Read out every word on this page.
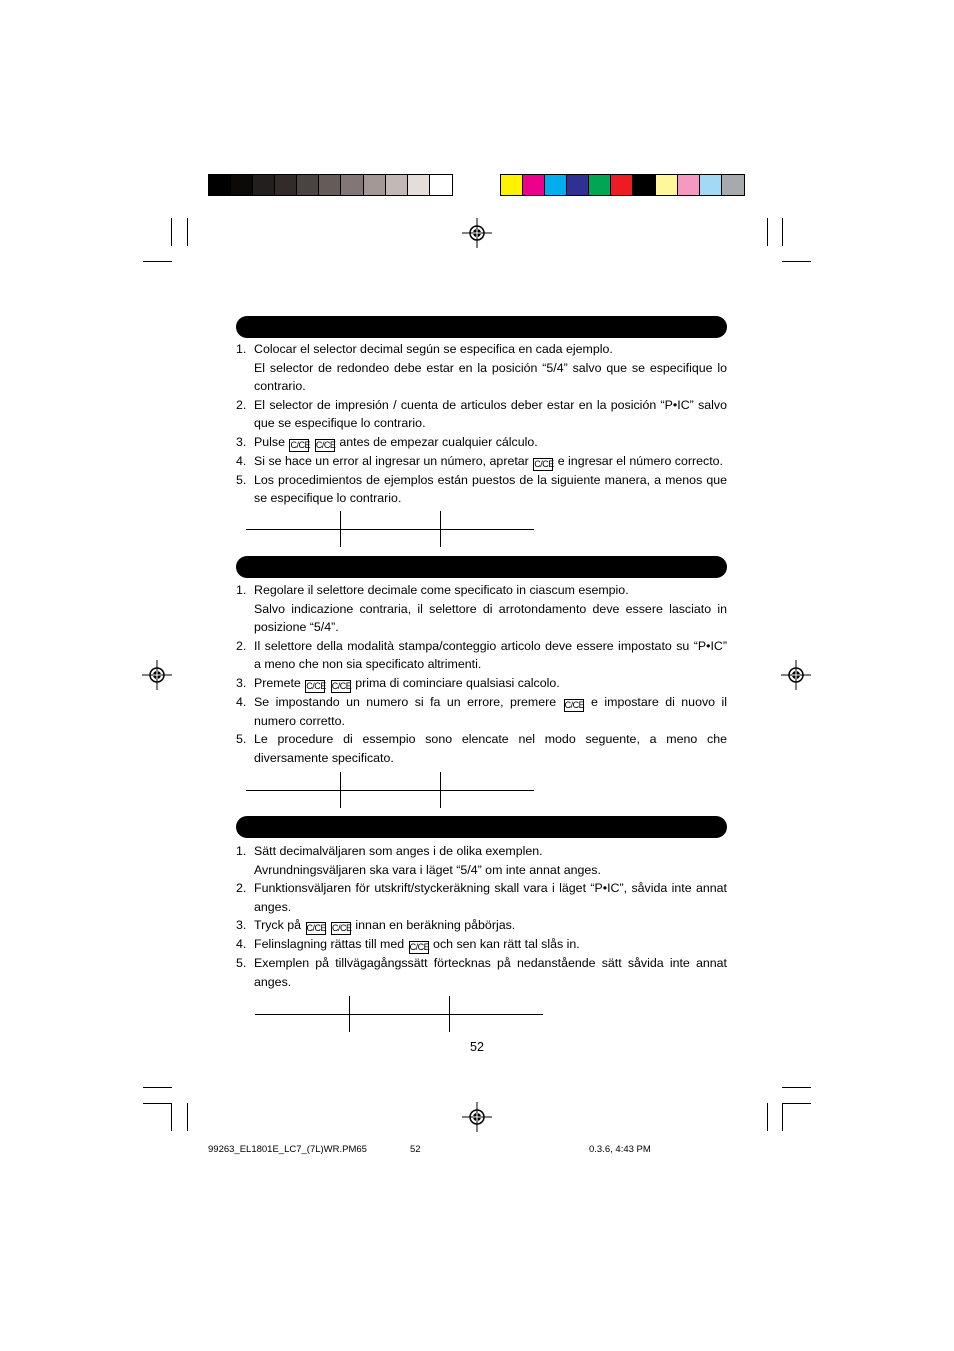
1. Colocar el selector decimal según se especifica en cada ejemplo.

El selector de redondeo debe estar en la posición “5/4” salvo que se especifique lo contrario.

2. El selector de impresión / cuenta de articulos deber estar en la posición “P•IC” salvo que se especifique lo contrario.

3. Pulse C/CE C/CE antes de empezar cualquier cálculo.

4. Si se hace un error al ingresar un número, apretar C/CE e ingresar el número correcto.

5. Los procedimientos de ejemplos están puestos de la siguiente manera, a menos que se especifique lo contrario.

1. Regolare il selettore decimale come specificato in ciascum esempio.

Salvo indicazione contraria, il selettore di arrotondamento deve essere lasciato in posizione “5/4”.

2. Il selettore della modalità stampa/conteggio articolo deve essere impostato su “P•IC” a meno che non sia specificato altrimenti.

3. Premete C/CE C/CE prima di cominciare qualsiasi calcolo.

4. Se impostando un numero si fa un errore, premere C/CE e impostare di nuovo il numero corretto.

5. Le procedure di essempio sono elencate nel modo seguente, a meno che diversamente specificato.

1. Sätt decimalväljaren som anges i de olika exemplen.

Avrundningsväljaren ska vara i läget “5/4” om inte annat anges.

2. Funktionsväljaren för utskrift/styckeräkning skall vara i läget “P•IC”, såvida inte annat anges.

3. Tryck på C/CE C/CE innan en beräkning påbörjas.

4. Felinslagning rättas till med C/CE och sen kan rätt tal slås in.

5. Exemplen på tillvägagångssätt förtecknas på nedanstående sätt såvida inte annat anges.

52
99263_EL1801E_LC7_(7L)WR.PM65	52	0.3.6, 4:43 PM
